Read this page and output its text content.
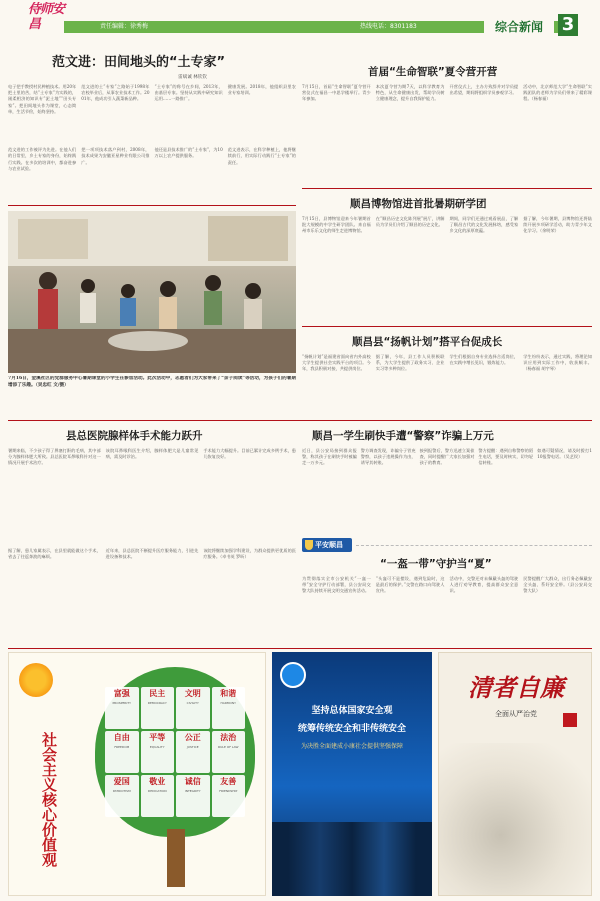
侍师安昌	责任编辑：徐秀梅	热线电话：8301183	综合新闻	3
范文进：田间地头的“土专家”
雷斌诚 林钦钦
电子把手教授村民种植技术。用20年把土里的苦，结“土专家”为实践的，刚柔相济的知识专“泥土地”“田头专家”。把田间地头作为课堂，心态简单，生活节俭，始终坚持。
范文进的土“专家”之路始于1998年农校毕业后，从事农业技术工作。2001年，他成功引入蔬菜新品种。
“土专家”的称号在乡间，2013年，由基层专家。坚持从实践中研究知识运用……一路推广。
健康发展。2018年，他组织县里农业专家培训。
范文进的工作被评为先进。在他人们的日常里，乡土专家的身份，始终践行实践。在多次的培训中，都奋进参与农业试验。
把一项项技术落户到村，2008年，技术成果为安徽亚星种业有限公司推广。
他还是县技术推广的“土专家”，为10万以上农户提供服务。
范文进表示，在科学种植上，他将继续前行，用实际行动践行“土专家”的责任。
首届“生命智联”夏令营开营
7月15日，首届“生命智联”夏令营开营仪式在福昌一中思学楼举行。青少年参加。
本次夏令营为期7天，以科学教育为特色，从生命健康出发，帮助学员树立健康理念，提升自我保护能力。
开营仪式上，主办方致辞并对学员提出希望，期间将组织学员参观学习。
活动中，北京师范大学“生命智联”实践团队的老师为学员们带来了精彩课程。（杨春福）
顺昌博物馆进首批暑期研学团
7月15日，县博物馆迎来今年暑期首批大规模的中学生研学团队。来自福州市乐乐文化的师生走进博物馆。
在“顺昌历史文化陈列展”展厅，讲解员为学员们介绍了顺昌的历史文化。
期间，同学们还通过观看展品，了解了顺昌古代的文化发展脉络，感受家乡文化的深厚底蕴。
据了解，今年暑期，县博物馆还将陆续开展多项研学活动，助力青少年文化学习。（余明荣）
7月16日，金溪社区的党群服务中心暑期课堂的小学生在参加活动。此次活动中，志愿者们为大家带来了“亲子阅读”等活动，为孩子们的暑期增添了乐趣。（吴忠红 文/摄）
顺昌县“扬帆计划”搭平台促成长
“扬帆计划”是福建省面向省内外高校大学生提供社会实践平台的项目。今年，我县积极对接，共提供岗位。
据了解，今年，县工作人员积极联系，为大学生提供了政务实习、企业实习等多种岗位。
学生们根据自身专业选择合适岗位，在实践中增长见识，锻炼能力。
学生纷纷表示，通过实践，将理论知识应用到实际工作中，收获颇丰。（杨春福 胡宇琴）
县总医院腺样体手术能力跃升
暑期来临，不少孩子得了鼻塞打鼾的毛病，其中部分为腺样体肥大所致。县总医院耳鼻喉科针对这一情况开展手术治疗。
该院耳鼻喉科医生介绍，腺样体肥大是儿童常见病，需及时诊治。
手术能力大幅提升。目前已累计完成多例手术，患儿恢复良好。
据了解，患儿家属表示，在县里就能做这个手术，省去了往返奔波的麻烦。
近年来，县总医院不断提升医疗服务能力，引进先进设备和技术。
该院将继续加强学科建设，为群众提供更优质的医疗服务。（卓书英 罗昕）
顺昌一学生刷快手遭“警察”诈骗上万元
近日，县公安局接到群众报警，称其孩子在刷快手时被骗走一万多元。
警方调查发现，诈骗分子冒充警察，以孩子违规操作为由，诱导其转账。
接到报警后，警方迅速立案侦查，同时提醒广大家长加强对孩子的教育。
警方提醒：遇到自称警察的陌生电话，要及时核实，切勿轻信转账。
如遇可疑情况，请及时拨打110报警电话。（吴艺钗）
平安顺昌
“一盔一带”守护当“夏”
为贯彻落实全市公安机关“一盔一带”安全守护行动部署，县公安局交警大队持续开展文明交通宣传活动。
“头盔可不是摆设，遇到危险时，这是最后的保护。”交警在路口向驾驶人宣传。
活动中，交警还对未佩戴头盔的驾驶人进行劝导教育，提高群众安全意识。
民警提醒广大群众，出行务必佩戴安全头盔、系好安全带。（县公安局交警大队）
社会主义核心价值观
富强
PROSPERITY
民主
DEMOCRACY
文明
CIVILITY
和谐
HARMONY
自由
FREEDOM
平等
EQUALITY
公正
JUSTICE
法治
RULE OF LAW
爱国
PATRIOTISM
敬业
DEDICATION
诚信
INTEGRITY
友善
FRIENDSHIP
坚持总体国家安全观
统筹传统安全和非传统安全
为决胜全面建成小康社会提供坚强保障
清者自廉
全面从严治党
